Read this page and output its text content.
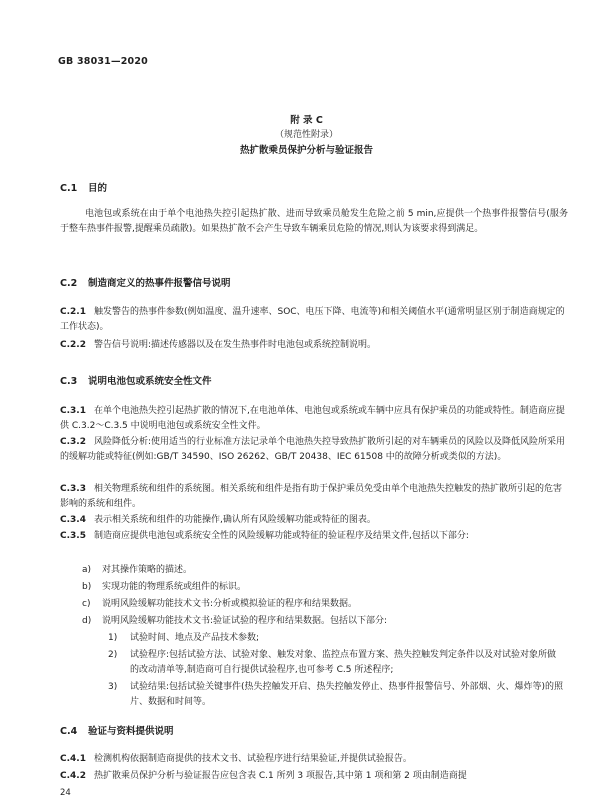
GB 38031—2020
附 录 C
（规范性附录）
热扩散乘员保护分析与验证报告
C.1 目的
电池包或系统在由于单个电池热失控引起热扩散、进而导致乘员舱发生危险之前 5 min,应提供一个热事件报警信号(服务于整车热事件报警,提醒乘员疏散)。如果热扩散不会产生导致车辆乘员危险的情况,则认为该要求得到满足。
C.2 制造商定义的热事件报警信号说明
C.2.1 触发警告的热事件参数(例如温度、温升速率、SOC、电压下降、电流等)和相关阈值水平(通常明显区别于制造商规定的工作状态)。
C.2.2 警告信号说明:描述传感器以及在发生热事件时电池包或系统控制说明。
C.3 说明电池包或系统安全性文件
C.3.1 在单个电池热失控引起热扩散的情况下,在电池单体、电池包或系统或车辆中应具有保护乘员的功能或特性。制造商应提供 C.3.2～C.3.5 中说明电池包或系统安全性文件。
C.3.2 风险降低分析:使用适当的行业标准方法记录单个电池热失控导致热扩散所引起的对车辆乘员的风险以及降低风险所采用的缓解功能或特征(例如:GB/T 34590、ISO 26262、GB/T 20438、IEC 61508 中的故障分析或类似的方法)。
C.3.3 相关物理系统和组件的系统图。相关系统和组件是指有助于保护乘员免受由单个电池热失控触发的热扩散所引起的危害影响的系统和组件。
C.3.4 表示相关系统和组件的功能操作,确认所有风险缓解功能或特征的图表。
C.3.5 制造商应提供电池包或系统安全性的风险缓解功能或特征的验证程序及结果文件,包括以下部分:
a) 对其操作策略的描述。
b) 实现功能的物理系统或组件的标识。
c) 说明风险缓解功能技术文书:分析或模拟验证的程序和结果数据。
d) 说明风险缓解功能技术文书:验证试验的程序和结果数据。包括以下部分:
1) 试验时间、地点及产品技术参数;
2) 试验程序:包括试验方法、试验对象、触发对象、监控点布置方案、热失控触发判定条件以及对试验对象所做的改动清单等,制造商可自行提供试验程序,也可参考 C.5 所述程序;
3) 试验结果:包括试验关键事件(热失控触发开启、热失控触发停止、热事件报警信号、外部烟、火、爆炸等)的照片、数据和时间等。
C.4 验证与资料提供说明
C.4.1 检测机构依据制造商提供的技术文书、试验程序进行结果验证,并提供试验报告。
C.4.2 热扩散乘员保护分析与验证报告应包含表 C.1 所列 3 项报告,其中第 1 项和第 2 项由制造商提
24
